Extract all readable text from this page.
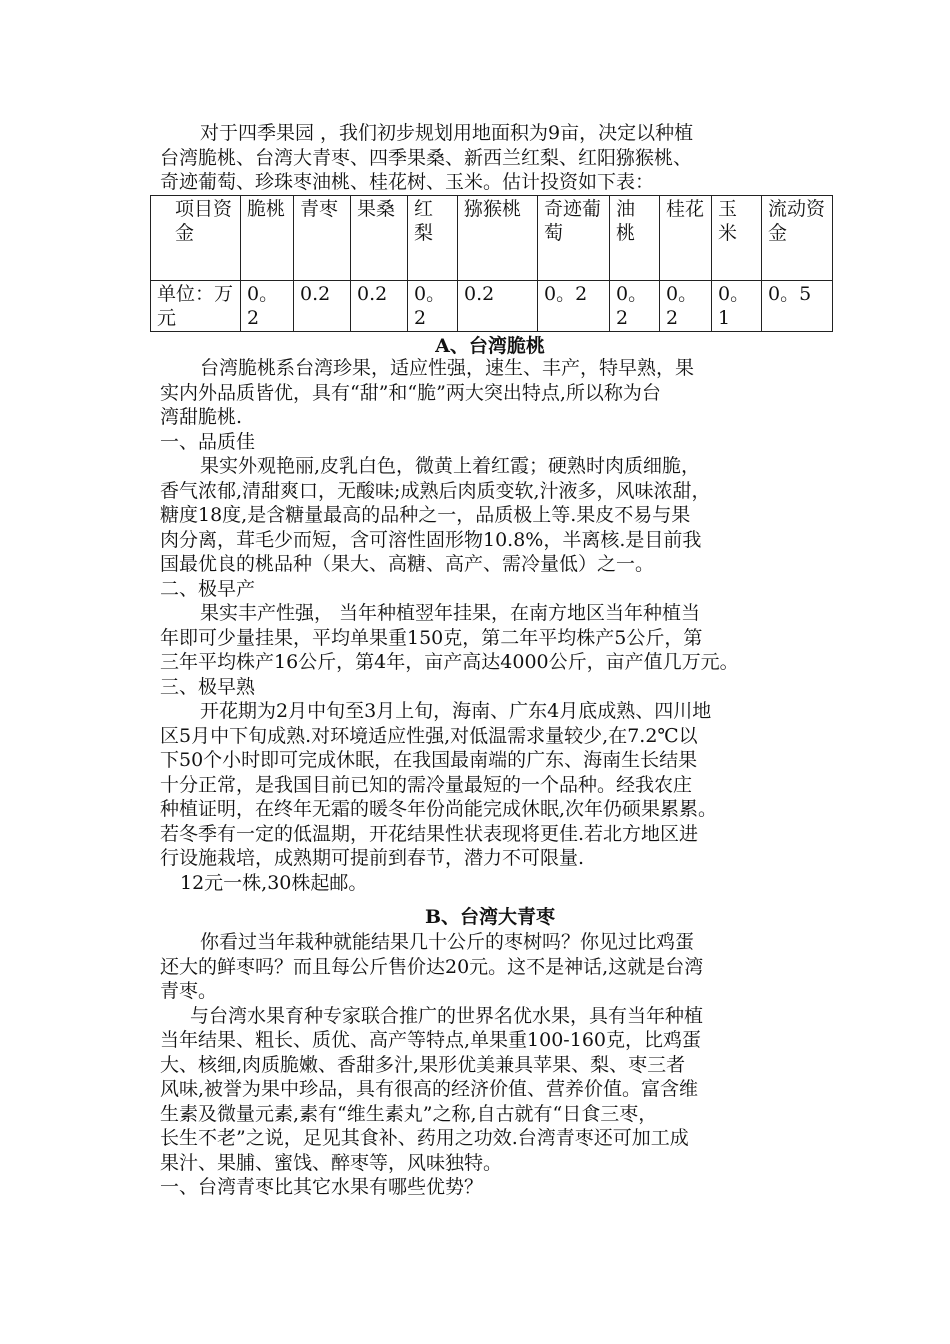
对于四季果园 ，我们初步规划用地面积为9亩，决定以种植
台湾脆桃、台湾大青枣、四季果桑、新西兰红梨、红阳猕猴桃、
奇迹葡萄、珍珠枣油桃、桂花树、玉米。估计投资如下表：
项目资金	脆桃	青枣	果桑	红梨	猕猴桃	奇迹葡萄	油桃	桂花	玉米	流动资金
单位：万元	0。2	0.2	0.2	0。2	0.2	0。2	0。2	0。2	0。1	0。5
A、台湾脆桃
台湾脆桃系台湾珍果，适应性强，速生、丰产，特早熟，果
实内外品质皆优，具有“甜”和“脆”两大突出特点,所以称为台
湾甜脆桃.
一、品质佳
果实外观艳丽,皮乳白色，微黄上着红霞；硬熟时肉质细脆，
香气浓郁,清甜爽口，无酸味;成熟后肉质变软,汁液多，风味浓甜，
糖度18度,是含糖量最高的品种之一，品质极上等.果皮不易与果
肉分离，茸毛少而短，含可溶性固形物10.8%，半离核.是目前我
国最优良的桃品种（果大、高糖、高产、需冷量低）之一。
二、极早产
果实丰产性强， 当年种植翌年挂果，在南方地区当年种植当
年即可少量挂果，平均单果重150克，第二年平均株产5公斤，第
三年平均株产16公斤，第4年，亩产高达4000公斤，亩产值几万元。
三、极早熟
开花期为2月中旬至3月上旬，海南、广东4月底成熟、四川地
区5月中下旬成熟.对环境适应性强,对低温需求量较少,在7.2℃以
下50个小时即可完成休眠，在我国最南端的广东、海南生长结果
十分正常，是我国目前已知的需冷量最短的一个品种。经我农庄
种植证明，在终年无霜的暖冬年份尚能完成休眠,次年仍硕果累累。
若冬季有一定的低温期，开花结果性状表现将更佳.若北方地区进
行设施栽培，成熟期可提前到春节，潜力不可限量.
12元一株,30株起邮。
B、台湾大青枣
你看过当年栽种就能结果几十公斤的枣树吗？你见过比鸡蛋
还大的鲜枣吗？而且每公斤售价达20元。这不是神话,这就是台湾
青枣。
与台湾水果育种专家联合推广的世界名优水果，具有当年种植
当年结果、粗长、质优、高产等特点,单果重100-160克，比鸡蛋
大、核细,肉质脆嫩、香甜多汁,果形优美兼具苹果、梨、枣三者
风味,被誉为果中珍品，具有很高的经济价值、营养价值。富含维
生素及微量元素,素有“维生素丸”之称,自古就有“日食三枣，
长生不老”之说，足见其食补、药用之功效.台湾青枣还可加工成
果汁、果脯、蜜饯、醉枣等，风味独特。
一、台湾青枣比其它水果有哪些优势？
